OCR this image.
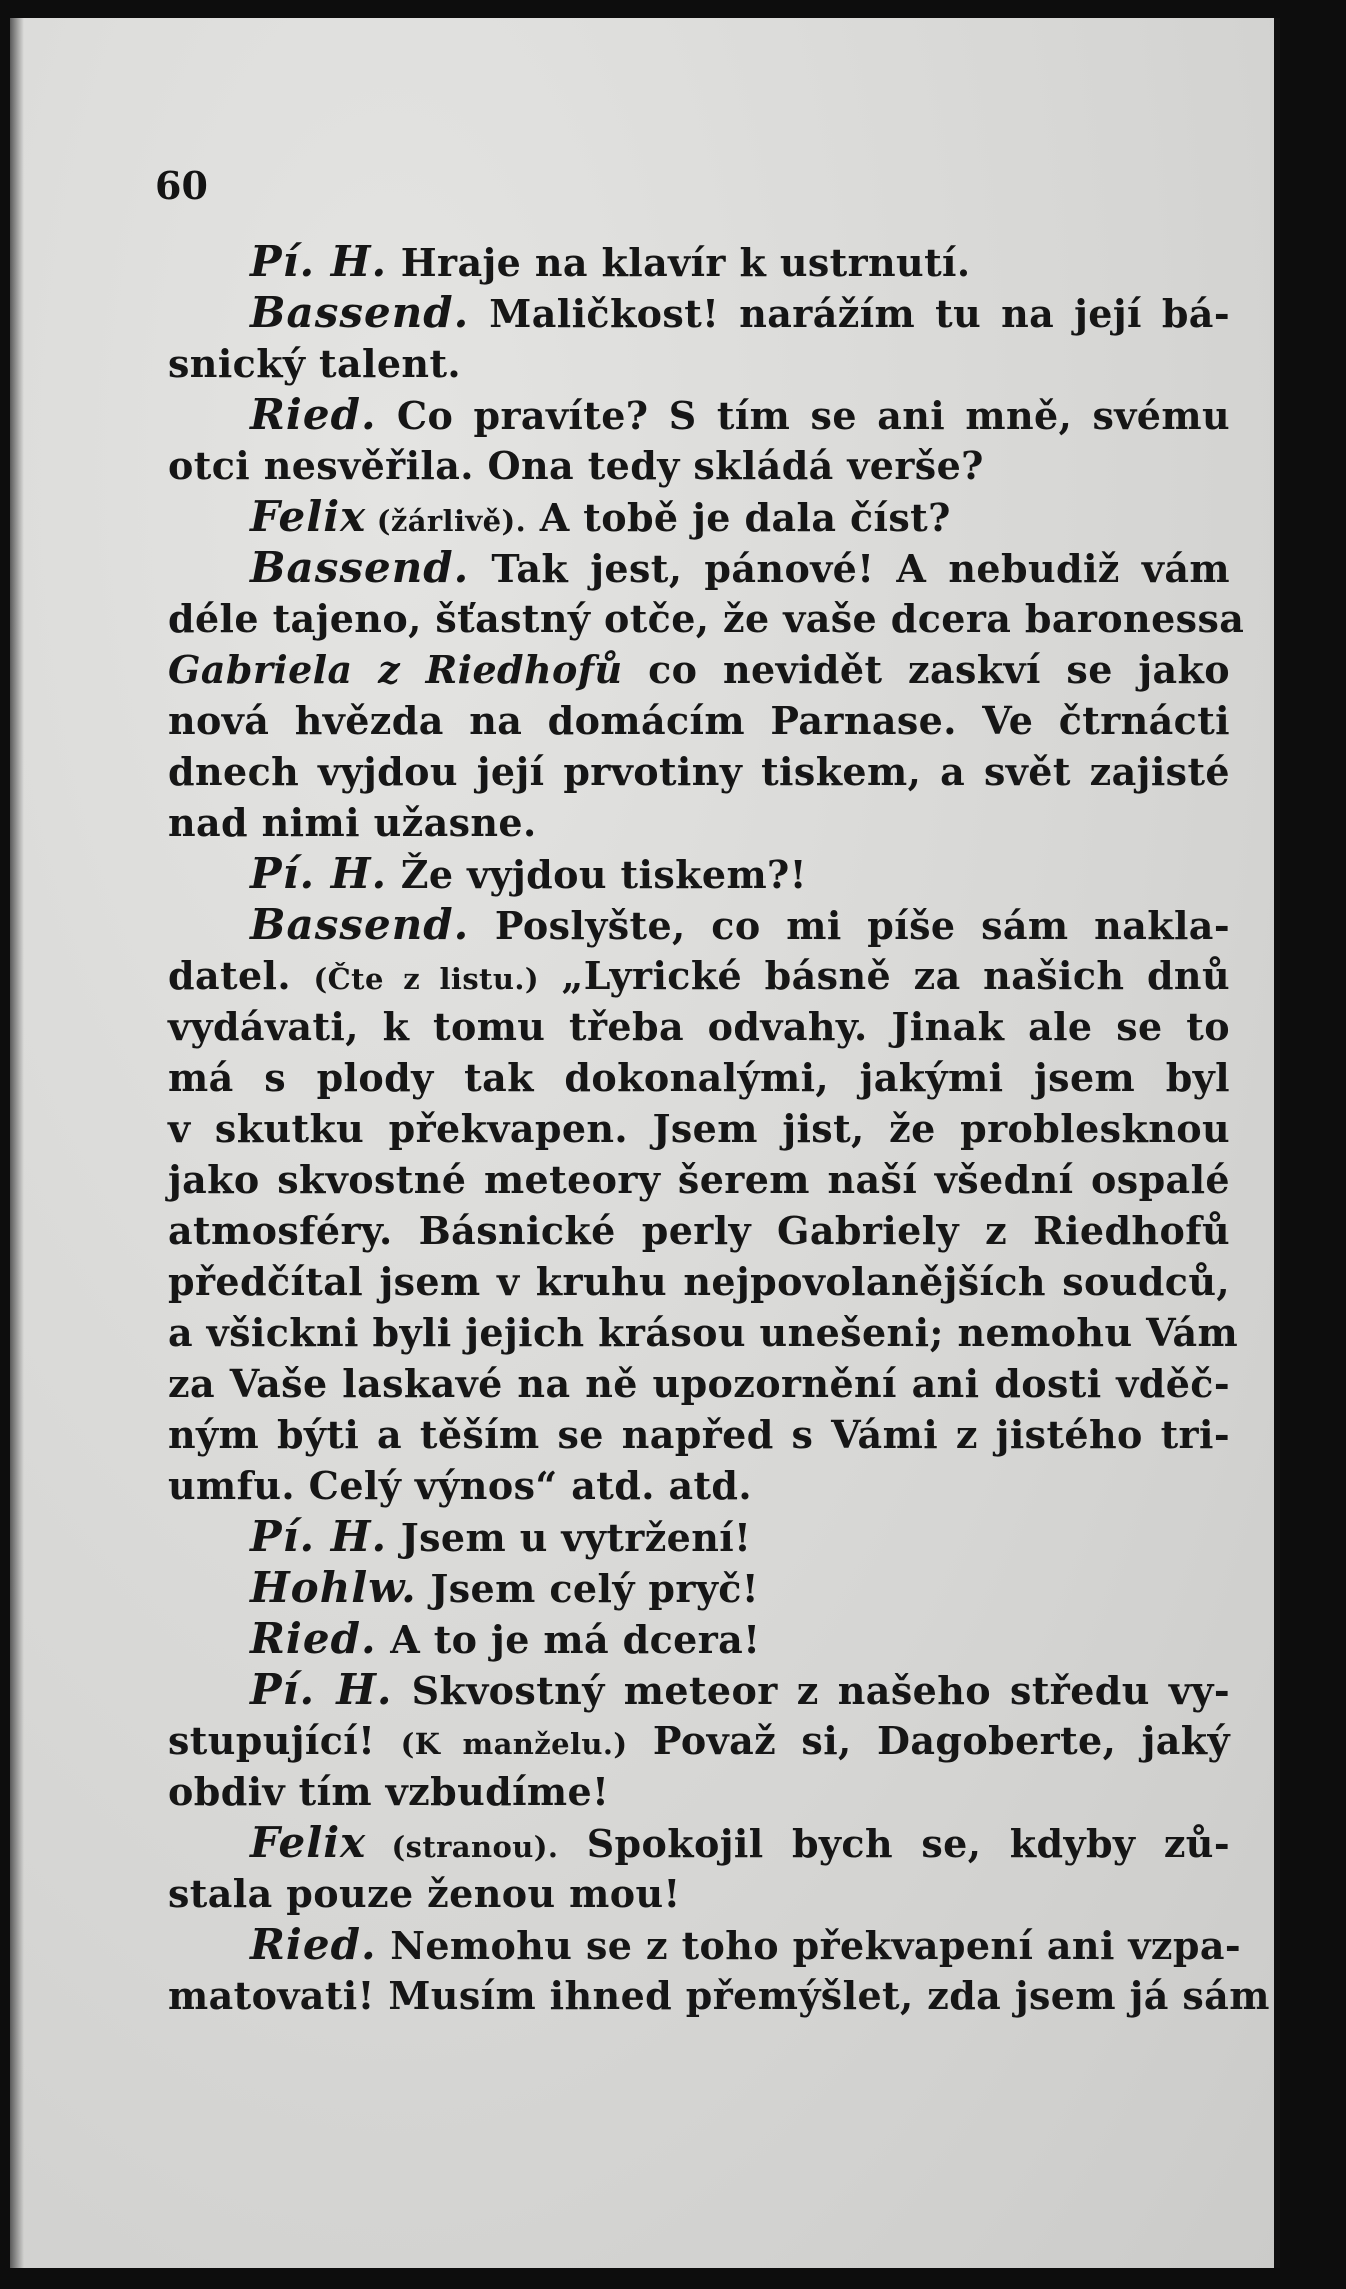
60
Pí. H. Hraje na klavír k ustrnutí.
Bassend. Maličkost! narážím tu na její bá-
snický talent.
Ried. Co pravíte? S tím se ani mně, svému
otci nesvěřila. Ona tedy skládá verše?
Felix (žárlivě). A tobě je dala číst?
Bassend. Tak jest, pánové! A nebudiž vám
déle tajeno, šťastný otče, že vaše dcera baronessa
Gabriela z Riedhofů co nevidět zaskví se jako
nová hvězda na domácím Parnase. Ve čtrnácti
dnech vyjdou její prvotiny tiskem, a svět zajisté
nad nimi užasne.
Pí. H. Že vyjdou tiskem?!
Bassend. Poslyšte, co mi píše sám nakla-
datel. (Čte z listu.) „Lyrické básně za našich dnů
vydávati, k tomu třeba odvahy. Jinak ale se to
má s plody tak dokonalými, jakými jsem byl
v skutku překvapen. Jsem jist, že problesknou
jako skvostné meteory šerem naší všední ospalé
atmosféry. Básnické perly Gabriely z Riedhofů
předčítal jsem v kruhu nejpovolanějších soudců,
a všickni byli jejich krásou unešeni; nemohu Vám
za Vaše laskavé na ně upozornění ani dosti vděč-
ným býti a těším se napřed s Vámi z jistého tri-
umfu. Celý výnos“ atd. atd.
Pí. H. Jsem u vytržení!
Hohlw. Jsem celý pryč!
Ried. A to je má dcera!
Pí. H. Skvostný meteor z našeho středu vy-
stupující! (K manželu.) Považ si, Dagoberte, jaký
obdiv tím vzbudíme!
Felix (stranou). Spokojil bych se, kdyby zů-
stala pouze ženou mou!
Ried. Nemohu se z toho překvapení ani vzpa-
matovati! Musím ihned přemýšlet, zda jsem já sám
